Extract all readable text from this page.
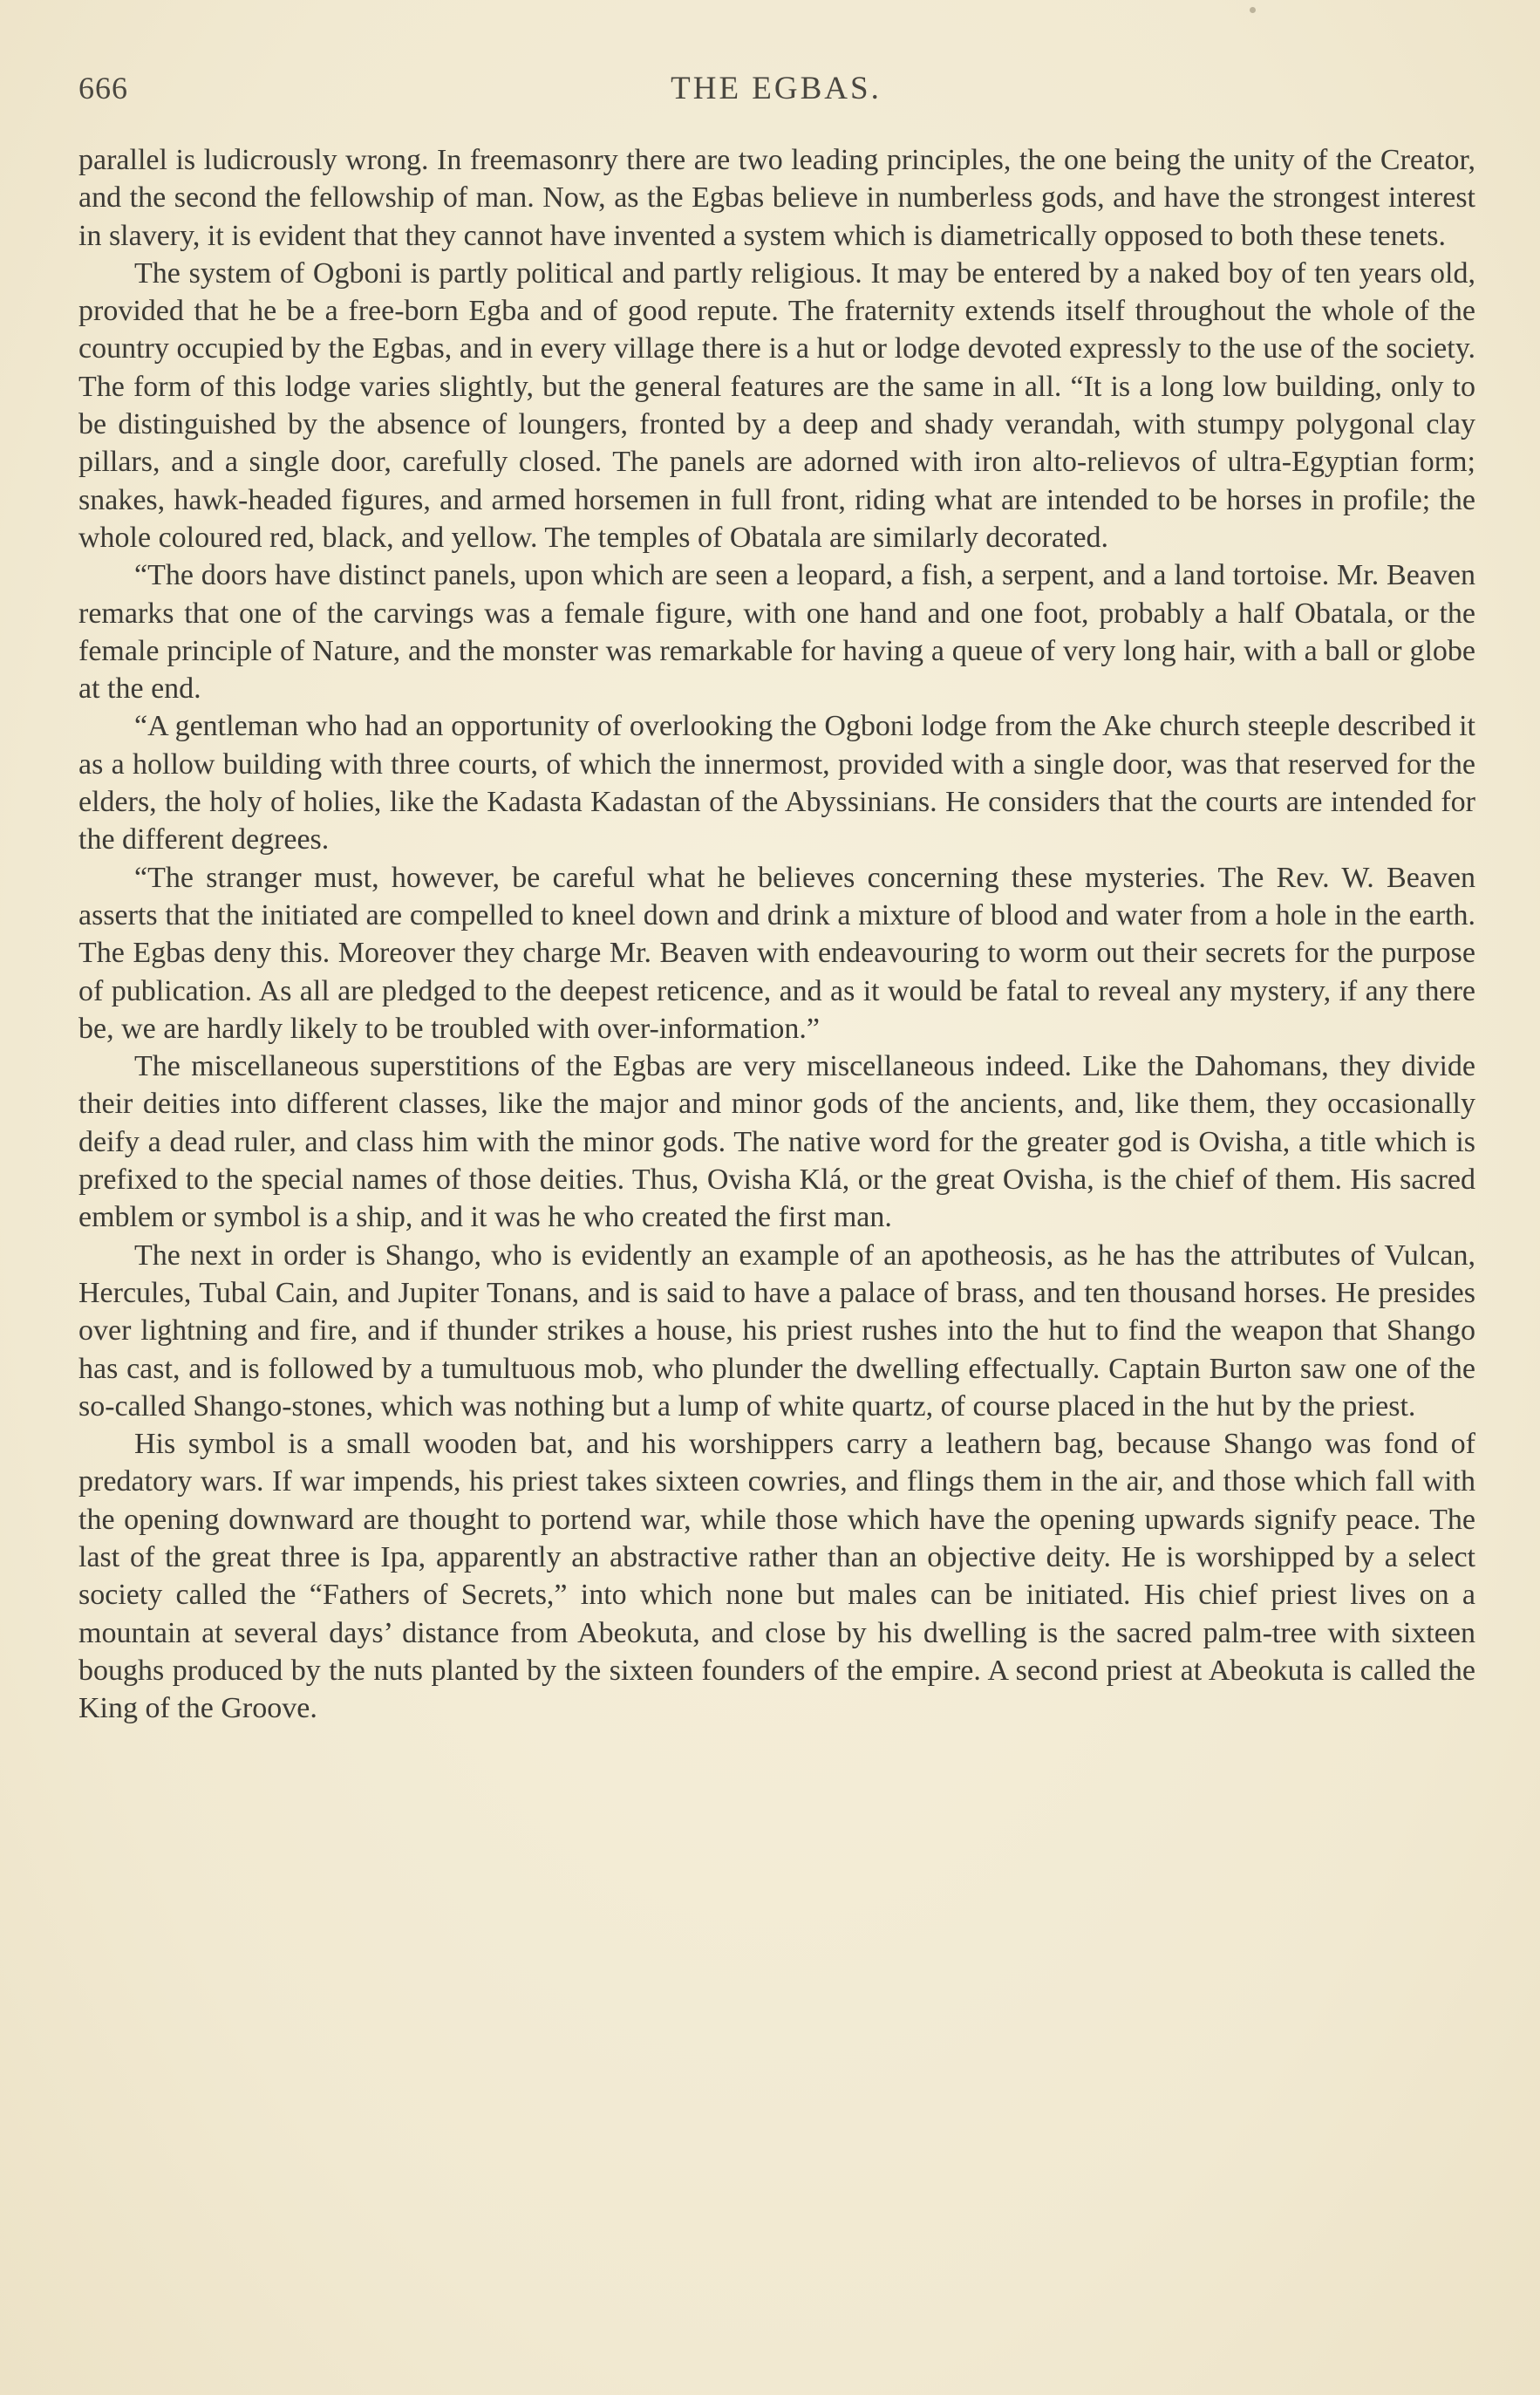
666	THE EGBAS.

parallel is ludicrously wrong. In freemasonry there are two leading principles, the one being the unity of the Creator, and the second the fellowship of man. Now, as the Egbas believe in numberless gods, and have the strongest interest in slavery, it is evident that they cannot have invented a system which is diametrically opposed to both these tenets.

The system of Ogboni is partly political and partly religious. It may be entered by a naked boy of ten years old, provided that he be a free-born Egba and of good repute. The fraternity extends itself throughout the whole of the country occupied by the Egbas, and in every village there is a hut or lodge devoted expressly to the use of the society. The form of this lodge varies slightly, but the general features are the same in all. “It is a long low building, only to be distinguished by the absence of loungers, fronted by a deep and shady verandah, with stumpy polygonal clay pillars, and a single door, carefully closed. The panels are adorned with iron alto-relievos of ultra-Egyptian form; snakes, hawk-headed figures, and armed horsemen in full front, riding what are intended to be horses in profile; the whole coloured red, black, and yellow. The temples of Obatala are similarly decorated.

“The doors have distinct panels, upon which are seen a leopard, a fish, a serpent, and a land tortoise. Mr. Beaven remarks that one of the carvings was a female figure, with one hand and one foot, probably a half Obatala, or the female principle of Nature, and the monster was remarkable for having a queue of very long hair, with a ball or globe at the end.

“A gentleman who had an opportunity of overlooking the Ogboni lodge from the Ake church steeple described it as a hollow building with three courts, of which the innermost, provided with a single door, was that reserved for the elders, the holy of holies, like the Kadasta Kadastan of the Abyssinians. He considers that the courts are intended for the different degrees.

“The stranger must, however, be careful what he believes concerning these mysteries. The Rev. W. Beaven asserts that the initiated are compelled to kneel down and drink a mixture of blood and water from a hole in the earth. The Egbas deny this. Moreover they charge Mr. Beaven with endeavouring to worm out their secrets for the purpose of publication. As all are pledged to the deepest reticence, and as it would be fatal to reveal any mystery, if any there be, we are hardly likely to be troubled with over-information.”

The miscellaneous superstitions of the Egbas are very miscellaneous indeed. Like the Dahomans, they divide their deities into different classes, like the major and minor gods of the ancients, and, like them, they occasionally deify a dead ruler, and class him with the minor gods. The native word for the greater god is Ovisha, a title which is prefixed to the special names of those deities. Thus, Ovisha Klá, or the great Ovisha, is the chief of them. His sacred emblem or symbol is a ship, and it was he who created the first man.

The next in order is Shango, who is evidently an example of an apotheosis, as he has the attributes of Vulcan, Hercules, Tubal Cain, and Jupiter Tonans, and is said to have a palace of brass, and ten thousand horses. He presides over lightning and fire, and if thunder strikes a house, his priest rushes into the hut to find the weapon that Shango has cast, and is followed by a tumultuous mob, who plunder the dwelling effectually. Captain Burton saw one of the so-called Shango-stones, which was nothing but a lump of white quartz, of course placed in the hut by the priest.

His symbol is a small wooden bat, and his worshippers carry a leathern bag, because Shango was fond of predatory wars. If war impends, his priest takes sixteen cowries, and flings them in the air, and those which fall with the opening downward are thought to portend war, while those which have the opening upwards signify peace. The last of the great three is Ipa, apparently an abstractive rather than an objective deity. He is worshipped by a select society called the “Fathers of Secrets,” into which none but males can be initiated. His chief priest lives on a mountain at several days’ distance from Abeokuta, and close by his dwelling is the sacred palm-tree with sixteen boughs produced by the nuts planted by the sixteen founders of the empire. A second priest at Abeokuta is called the King of the Groove.
